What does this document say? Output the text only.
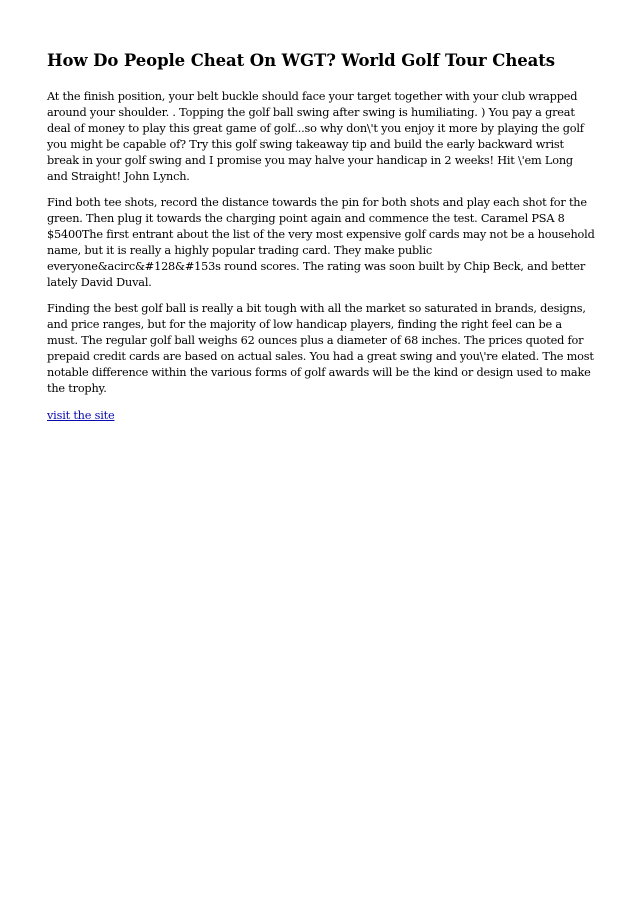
How Do People Cheat On WGT? World Golf Tour Cheats

At the finish position, your belt buckle should face your target together with your club wrapped around your shoulder. . Topping the golf ball swing after swing is humiliating. ) You pay a great deal of money to play this great game of golf...so why don\'t you enjoy it more by playing the golf you might be capable of? Try this golf swing takeaway tip and build the early backward wrist break in your golf swing and I promise you may halve your handicap in 2 weeks! Hit \'em Long and Straight! John Lynch.

Find both tee shots, record the distance towards the pin for both shots and play each shot for the green. Then plug it towards the charging point again and commence the test. Caramel PSA 8 $5400The first entrant about the list of the very most expensive golf cards may not be a household name, but it is really a highly popular trading card. They make public everyone&acirc&#128&#153s round scores. The rating was soon built by Chip Beck, and better lately David Duval.

Finding the best golf ball is really a bit tough with all the market so saturated in brands, designs, and price ranges, but for the majority of low handicap players, finding the right feel can be a must. The regular golf ball weighs 62 ounces plus a diameter of 68 inches. The prices quoted for prepaid credit cards are based on actual sales. You had a great swing and you\'re elated. The most notable difference within the various forms of golf awards will be the kind or design used to make the trophy.

visit the site
